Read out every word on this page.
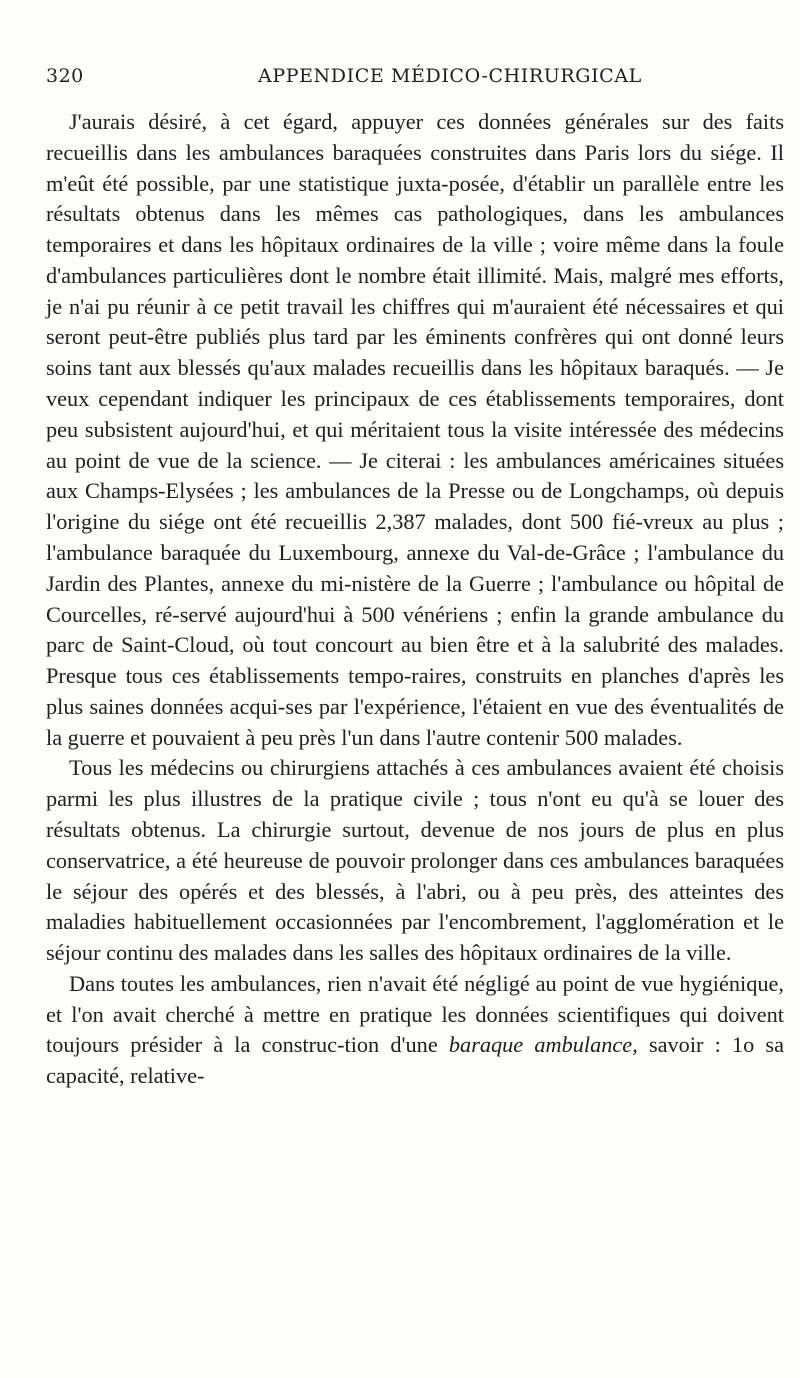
320	APPENDICE MÉDICO-CHIRURGICAL

J'aurais désiré, à cet égard, appuyer ces données générales sur des faits recueillis dans les ambulances baraquées construites dans Paris lors du siége. Il m'eût été possible, par une statistique juxta-posée, d'établir un parallèle entre les résultats obtenus dans les mêmes cas pathologiques, dans les ambulances temporaires et dans les hôpitaux ordinaires de la ville ; voire même dans la foule d'ambulances particulières dont le nombre était illimité. Mais, malgré mes efforts, je n'ai pu réunir à ce petit travail les chiffres qui m'auraient été nécessaires et qui seront peut-être publiés plus tard par les éminents confrères qui ont donné leurs soins tant aux blessés qu'aux malades recueillis dans les hôpitaux baraqués. — Je veux cependant indiquer les principaux de ces établissements temporaires, dont peu subsistent aujourd'hui, et qui méritaient tous la visite intéressée des médecins au point de vue de la science. — Je citerai : les ambulances américaines situées aux Champs-Elysées ; les ambulances de la Presse ou de Longchamps, où depuis l'origine du siége ont été recueillis 2,387 malades, dont 500 fié-vreux au plus ; l'ambulance baraquée du Luxembourg, annexe du Val-de-Grâce ; l'ambulance du Jardin des Plantes, annexe du mi-nistère de la Guerre ; l'ambulance ou hôpital de Courcelles, ré-servé aujourd'hui à 500 vénériens ; enfin la grande ambulance du parc de Saint-Cloud, où tout concourt au bien être et à la salubrité des malades. Presque tous ces établissements tempo-raires, construits en planches d'après les plus saines données acqui-ses par l'expérience, l'étaient en vue des éventualités de la guerre et pouvaient à peu près l'un dans l'autre contenir 500 malades.

Tous les médecins ou chirurgiens attachés à ces ambulances avaient été choisis parmi les plus illustres de la pratique civile ; tous n'ont eu qu'à se louer des résultats obtenus. La chirurgie surtout, devenue de nos jours de plus en plus conservatrice, a été heureuse de pouvoir prolonger dans ces ambulances baraquées le séjour des opérés et des blessés, à l'abri, ou à peu près, des atteintes des maladies habituellement occasionnées par l'encombrement, l'agglomération et le séjour continu des malades dans les salles des hôpitaux ordinaires de la ville.

Dans toutes les ambulances, rien n'avait été négligé au point de vue hygiénique, et l'on avait cherché à mettre en pratique les données scientifiques qui doivent toujours présider à la construc-tion d'une baraque ambulance, savoir : 1o sa capacité, relative-
